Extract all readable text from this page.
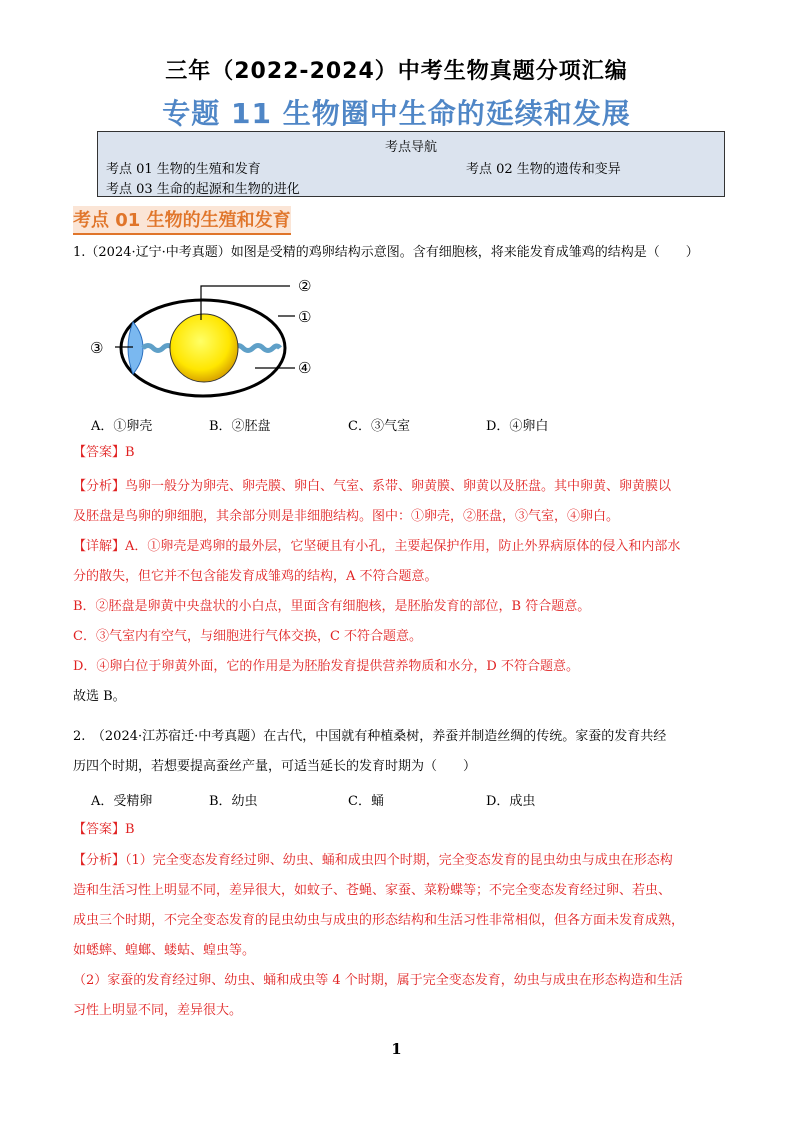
三年（2022-2024）中考生物真题分项汇编
专题 11 生物圈中生命的延续和发展
考点导航
考点 01 生物的生殖和发育	考点 02 生物的遗传和变异
考点 03 生命的起源和生物的进化
考点 01 生物的生殖和发育
1.（2024·辽宁·中考真题）如图是受精的鸡卵结构示意图。含有细胞核，将来能发育成雏鸡的结构是（　　）
②
①
③
④
A．①卵壳	B．②胚盘	C．③气室	D．④卵白
【答案】B
【分析】鸟卵一般分为卵壳、卵壳膜、卵白、气室、系带、卵黄膜、卵黄以及胚盘。其中卵黄、卵黄膜以
及胚盘是鸟卵的卵细胞，其余部分则是非细胞结构。图中：①卵壳，②胚盘，③气室，④卵白。
【详解】A．①卵壳是鸡卵的最外层，它坚硬且有小孔，主要起保护作用，防止外界病原体的侵入和内部水
分的散失，但它并不包含能发育成雏鸡的结构，A 不符合题意。
B．②胚盘是卵黄中央盘状的小白点，里面含有细胞核，是胚胎发育的部位，B 符合题意。
C．③气室内有空气，与细胞进行气体交换，C 不符合题意。
D．④卵白位于卵黄外面，它的作用是为胚胎发育提供营养物质和水分，D 不符合题意。
故选 B。
2.　（2024·江苏宿迁·中考真题）在古代，中国就有种植桑树，养蚕并制造丝绸的传统。家蚕的发育共经
历四个时期，若想要提高蚕丝产量，可适当延长的发育时期为（　　）
A．受精卵	B．幼虫	C．蛹	D．成虫
【答案】B
【分析】（1）完全变态发育经过卵、幼虫、蛹和成虫四个时期，完全变态发育的昆虫幼虫与成虫在形态构
造和生活习性上明显不同，差异很大，如蚊子、苍蝇、家蚕、菜粉蝶等；不完全变态发育经过卵、若虫、
成虫三个时期，不完全变态发育的昆虫幼虫与成虫的形态结构和生活习性非常相似，但各方面未发育成熟，
如蟋蟀、蝗螂、蝼蛄、蝗虫等。
（2）家蚕的发育经过卵、幼虫、蛹和成虫等 4 个时期，属于完全变态发育，幼虫与成虫在形态构造和生活
习性上明显不同，差异很大。
1
